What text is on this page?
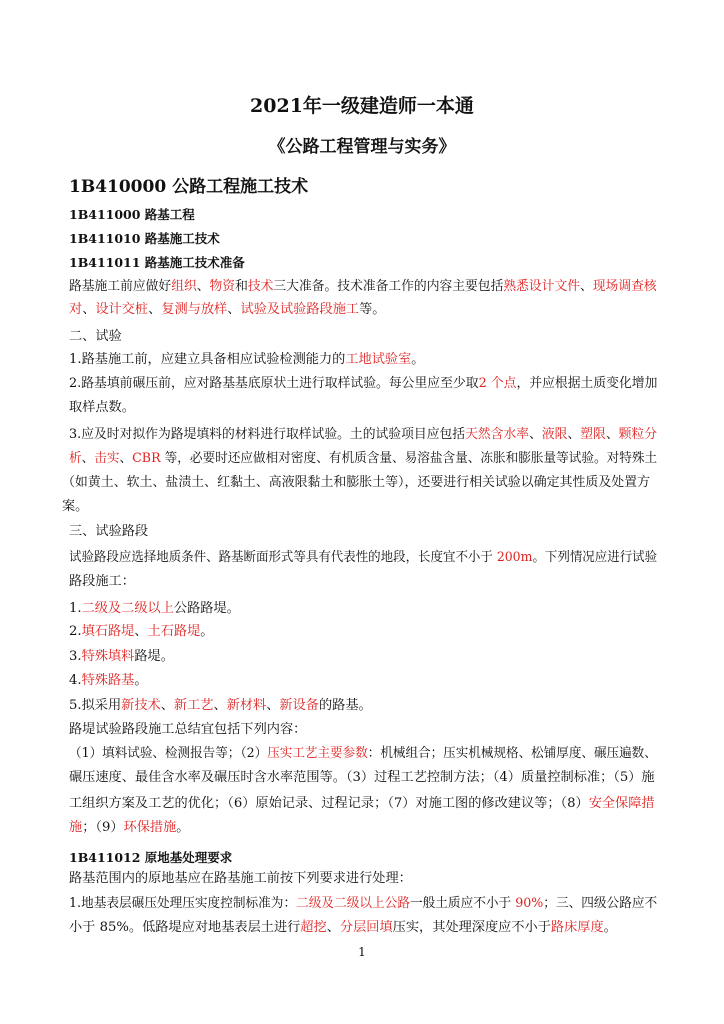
2021年一级建造师一本通
《公路工程管理与实务》
1B410000 公路工程施工技术
1B411000 路基工程
1B411010 路基施工技术
1B411011 路基施工技术准备
路基施工前应做好组织、物资和技术三大准备。技术准备工作的内容主要包括熟悉设计文件、现场调查核
对、设计交桩、复测与放样、试验及试验路段施工等。
二、试验
1.路基施工前，应建立具备相应试验检测能力的工地试验室。
2.路基填前碾压前，应对路基基底原状土进行取样试验。每公里应至少取2 个点，并应根据土质变化增加
取样点数。
3.应及时对拟作为路堤填料的材料进行取样试验。土的试验项目应包括天然含水率、液限、塑限、颗粒分
析、击实、CBR 等，必要时还应做相对密度、有机质含量、易溶盐含量、冻胀和膨胀量等试验。对特殊土
（如黄土、软土、盐渍土、红黏土、高液限黏土和膨胀土等），还要进行相关试验以确定其性质及处置方
案。
三、试验路段
试验路段应选择地质条件、路基断面形式等具有代表性的地段，长度宜不小于 200m。下列情况应进行试验
路段施工：
1.二级及二级以上公路路堤。
2.填石路堤、土石路堤。
3.特殊填料路堤。
4.特殊路基。
5.拟采用新技术、新工艺、新材料、新设备的路基。
路堤试验路段施工总结宜包括下列内容：
（1）填料试验、检测报告等；（2）压实工艺主要参数：机械组合；压实机械规格、松铺厚度、碾压遍数、
碾压速度、最佳含水率及碾压时含水率范围等。（3）过程工艺控制方法；（4）质量控制标准；（5）施
工组织方案及工艺的优化；（6）原始记录、过程记录；（7）对施工图的修改建议等；（8）安全保障措
施；（9）环保措施。
路基范围内的原地基应在路基施工前按下列要求进行处理：
1.地基表层碾压处理压实度控制标准为：二级及二级以上公路一般土质应不小于 90%；三、四级公路应不
小于 85%。低路堤应对地基表层土进行超挖、分层回填压实，其处理深度应不小于路床厚度。
1B411012 原地基处理要求
1
